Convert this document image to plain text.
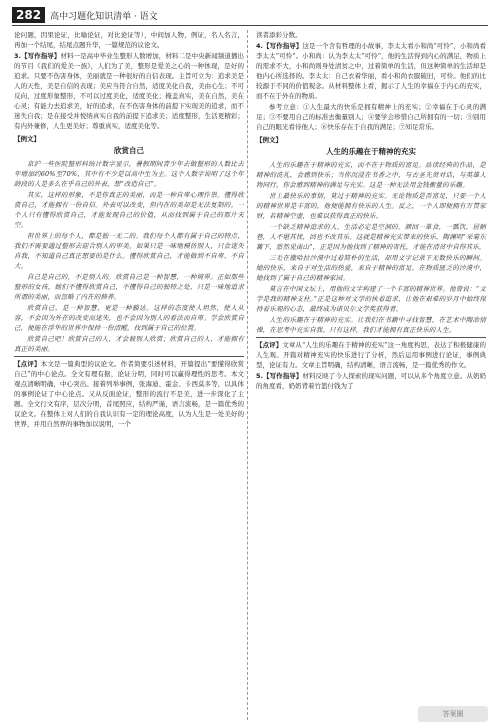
282	高中习题化知识清单 · 语文

论问题，因果论证，比喻论证，对比论证等），中间加人物，例证，名人名言，再加一个结尾，结尾点题升华，一篇规范的议论文。

3.【写作指导】材料一是高中毕业生整形人数增加，材料二是中央新闻频道播出的节目《我们的爱美一族》，人们为了美，整形是爱美之心的一种体现，是好的追求。只要不伤害身体，美丽就是一种很好的自信表现。主旨可立为：追求美是人的天性，美是自信的表现；美应当符合自然，适度美化自我，美由心生；不可反向，过度形象整形，不可以过度美化，适度美化；掩盖真实，美在自然，美在心灵；有能力去追求美，好的追求，在不伤害身体的前提下实现美的追求，而不迷失自我；是在接受并悦纳真实自我的前提下追求美；适度整形，生活更精彩；有内外兼修，人生更美好；尊重真实，适度美化等。

【例文】

欣赏自己

京沪一些医院整形科统计数字显示，暑假期间青少年去做整形的人数比去年增加约60%至70%，其中有不少是以高中生为主。这个人数字说明了这个年龄段的人是多么在乎自己的外表，想“改造自己”。

其实，这样的形象，不是你真正的美丽，而是一种自卑心理作祟。懂得欣赏自己，才能拥有一份自信。外表可以改变，但内在的美却是无法复制的。一个人只有懂得欣赏自己，才能发现自己的价值，从而找到属于自己的那片天空。

但世界上的每个人，都是独一无二的。我们每个人都有属于自己的特点，我们不需要通过整形去迎合别人的审美。如果只是一味地模仿别人，只会迷失自我，不知道自己真正想要的是什么。懂得欣赏自己，才能做到不自卑、不自大。

自己是自己的，不是别人的。欣赏自己是一种智慧，一种境界。正如那些整形的女孩，她们不懂得欣赏自己，不懂得自己的独特之处，只是一味地追求所谓的美丽，而忽略了内在的修养。

欣赏自己，是一种智慧，更是一种豁达。这样的态度使人坦然，使人从容，不会因为外在的改变而迷失，也不会因为别人的看法而自卑。学会欣赏自己，便能在浮华的世界中保持一份清醒，找到属于自己的位置。

欣赏自己吧！欣赏自己的人，才会被别人欣赏；欣赏自己的人，才能拥有真正的美丽。

【点评】本文是一篇典型的议论文。作者简要引述材料，开篇提出“要懂得欣赏自己”的中心论点。全文有理有据，论证分明，同时可以赢得理性的思考。本文观点清晰明确，中心突出。接着列举事例，张海迪、霍金、卡西莫多等，以具体的事例论证了中心论点。又从反面论证，整形的流行不是美，进一步深化了主题。全文行文有序，层次分明，首尾照应，结构严谨，语言流畅，是一篇优秀的议论文。在整体上对人们的自我认识有一定的理论高度，认为人生是一处美好的世界，并用自然界的事物加以说明，一个

读者添彩分数。

4.【写作指导】这是一个含有哲理的小故事，李太太看小和尚“可怜”，小和尚看李太太“可怜”。小和尚：认为李太太“可怜”，他的生活得到内心的满足，物质上的需求不大，小和尚则身处清贫之中，过着简单的生活，但这种简单的生活却是他内心所选择的。李太太：自己衣着华丽，看小和尚衣服破旧，可怜。他们的比较源于不同的价值观念。从材料整体上看，揭示了人生的幸福在于内心的充实，而不在于外在的物质。

参考立意：①人生最大的快乐是拥有精神上的充实；②幸福在于心灵的满足；③不要用自己的标准去衡量别人；④要学会珍惜自己所拥有的一切；⑤别用自己的眼光看待他人；⑥快乐存在于自我的满足；⑦知足常乐。

【例文】

人生的乐趣在于精神的充实

人生的乐趣在于精神的充实，而不在于物质的富足。品读经典的作品，是精神的洗礼，会感到快乐；当你沉浸在书香之中，与古圣先贤对话，与英雄人物同行，你会感到精神的满足与充实。这是一种无法用金钱衡量的乐趣。

世上最快乐的事情，莫过于精神的充实。无论物质是否富足，只要一个人的精神世界是丰富的，他便能拥有快乐的人生。反之，一个人即便拥有万贯家财，若精神空虚，也难以获得真正的快乐。

一个缺乏精神追求的人，生活必定是空洞的。颜回一箪食，一瓢饮，居陋巷，人不堪其忧，回也不改其乐。这就是精神充实带来的快乐。陶渊明“采菊东篱下，悠然见南山”，正是因为他找到了精神的寄托，才能在清贫中自得其乐。

三毛在撒哈拉沙漠中过着简朴的生活，却用文字记录下无数快乐的瞬间。她的快乐，来自于对生活的热爱，来自于精神的富足。在物质匮乏的沙漠中，她找到了属于自己的精神家园。

莫言在中国文坛上，用他的文字构建了一个丰富的精神世界。他曾说：“文学是我的精神支柱。”正是这种对文学的执着追求，让他在艰难的岁月中始终保持着乐观的心态，最终成为诺贝尔文学奖获得者。

人生的乐趣在于精神的充实。让我们在书籍中寻找智慧，在艺术中陶冶情操，在思考中充实自我。只有这样，我们才能拥有真正快乐的人生。

【点评】文章从“人生的乐趣在于精神的充实”这一角度构思，表达了积极健康的人生观。开篇对精神充实的快乐进行了分析，然后运用事例进行论证，事例典型，论证有力。文章主旨明确，结构清晰，语言流畅，是一篇优秀的作文。

5.【写作指导】材料反映了今人探索的现实问题，可以从多个角度立意。从奶奶的角度看，奶奶背着竹篮付钱为了

答案圈
